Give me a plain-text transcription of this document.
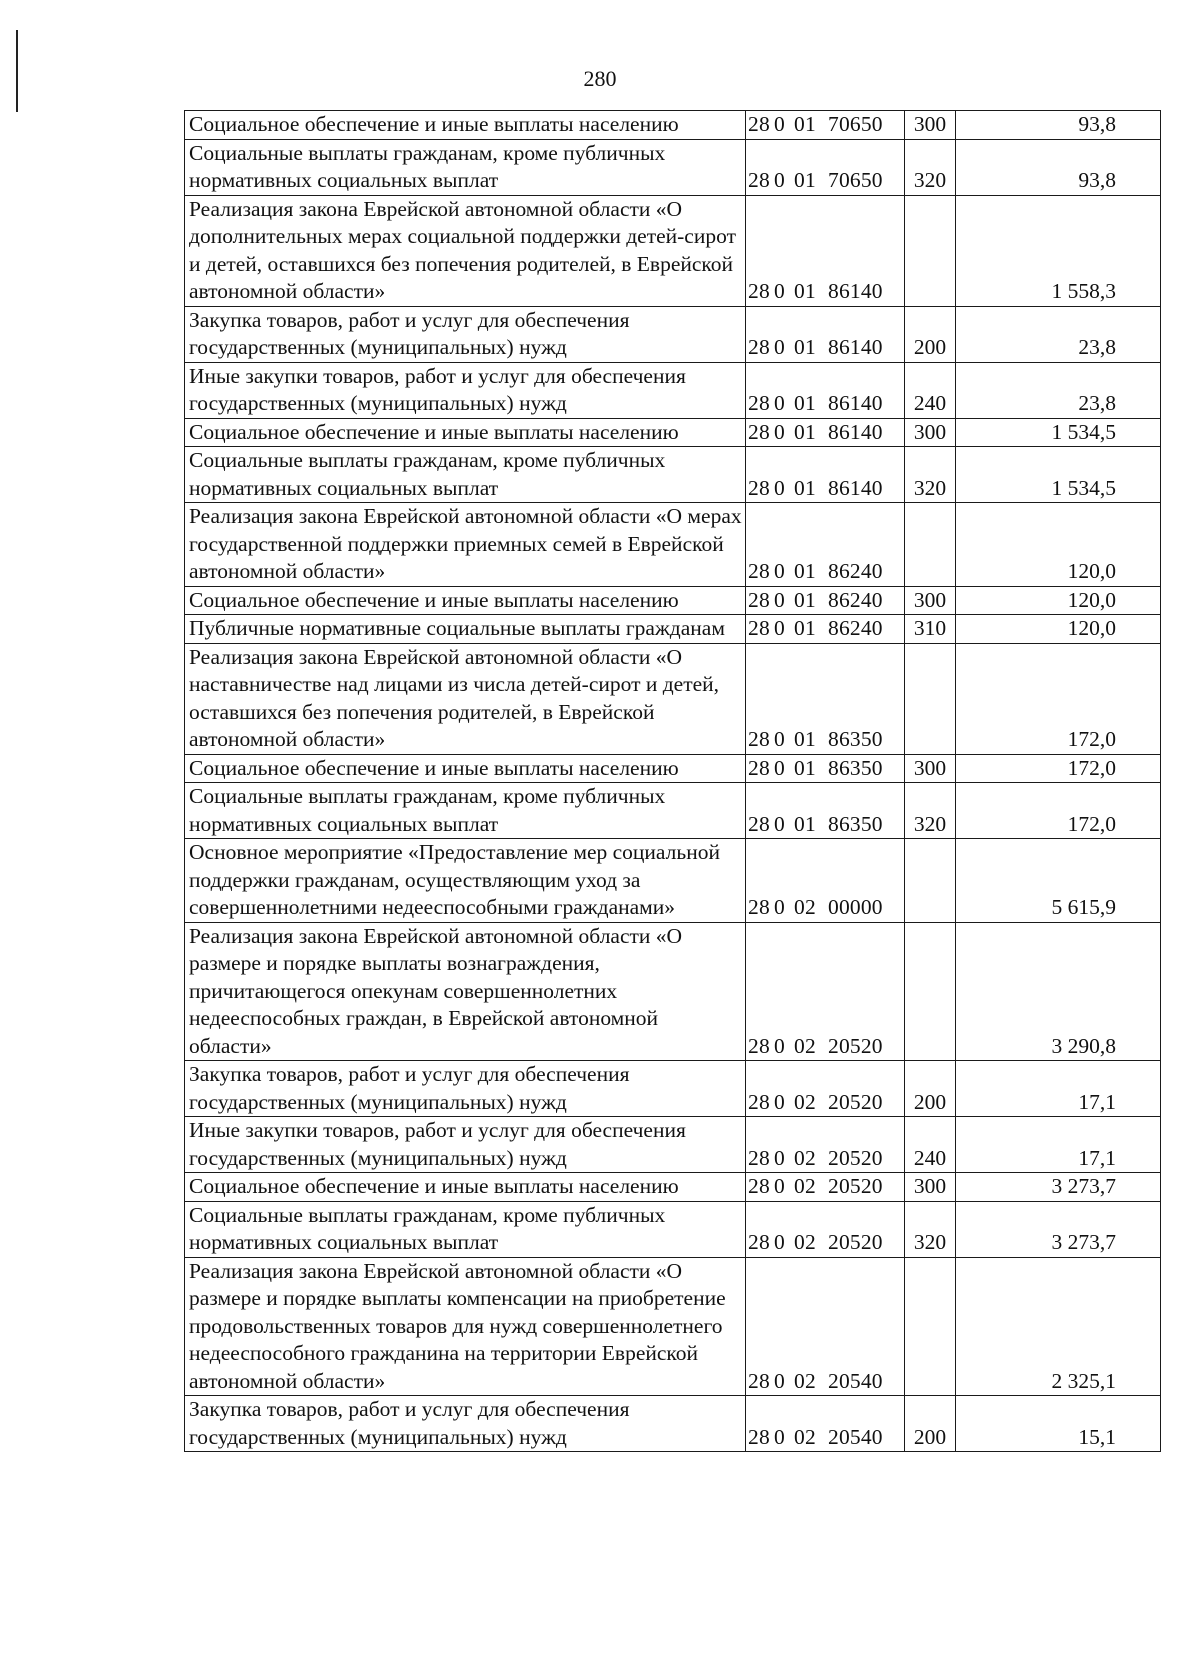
280
Социальное обеспечение и иные выплаты населению	28 0 01 70650	300	93,8
Социальные выплаты гражданам, кроме публичных нормативных социальных выплат	28 0 01 70650	320	93,8
Реализация закона Еврейской автономной области «О дополнительных мерах социальной поддержки детей-сирот и детей, оставшихся без попечения родителей, в Еврейской автономной области»	28 0 01 86140		1 558,3
Закупка товаров, работ и услуг для обеспечения государственных (муниципальных) нужд	28 0 01 86140	200	23,8
Иные закупки товаров, работ и услуг для обеспечения государственных (муниципальных) нужд	28 0 01 86140	240	23,8
Социальное обеспечение и иные выплаты населению	28 0 01 86140	300	1 534,5
Социальные выплаты гражданам, кроме публичных нормативных социальных выплат	28 0 01 86140	320	1 534,5
Реализация закона Еврейской автономной области «О мерах государственной поддержки приемных семей в Еврейской автономной области»	28 0 01 86240		120,0
Социальное обеспечение и иные выплаты населению	28 0 01 86240	300	120,0
Публичные нормативные социальные выплаты гражданам	28 0 01 86240	310	120,0
Реализация закона Еврейской автономной области «О наставничестве над лицами из числа детей-сирот и детей, оставшихся без попечения родителей, в Еврейской автономной области»	28 0 01 86350		172,0
Социальное обеспечение и иные выплаты населению	28 0 01 86350	300	172,0
Социальные выплаты гражданам, кроме публичных нормативных социальных выплат	28 0 01 86350	320	172,0
Основное мероприятие «Предоставление мер социальной поддержки гражданам, осуществляющим уход за совершеннолетними недееспособными гражданами»	28 0 02 00000		5 615,9
Реализация закона Еврейской автономной области «О размере и порядке выплаты вознаграждения, причитающегося опекунам совершеннолетних недееспособных граждан, в Еврейской автономной области»	28 0 02 20520		3 290,8
Закупка товаров, работ и услуг для обеспечения государственных (муниципальных) нужд	28 0 02 20520	200	17,1
Иные закупки товаров, работ и услуг для обеспечения государственных (муниципальных) нужд	28 0 02 20520	240	17,1
Социальное обеспечение и иные выплаты населению	28 0 02 20520	300	3 273,7
Социальные выплаты гражданам, кроме публичных нормативных социальных выплат	28 0 02 20520	320	3 273,7
Реализация закона Еврейской автономной области «О размере и порядке выплаты компенсации на приобретение продовольственных товаров для нужд совершеннолетнего недееспособного гражданина на территории Еврейской автономной области»	28 0 02 20540		2 325,1
Закупка товаров, работ и услуг для обеспечения государственных (муниципальных) нужд	28 0 02 20540	200	15,1
